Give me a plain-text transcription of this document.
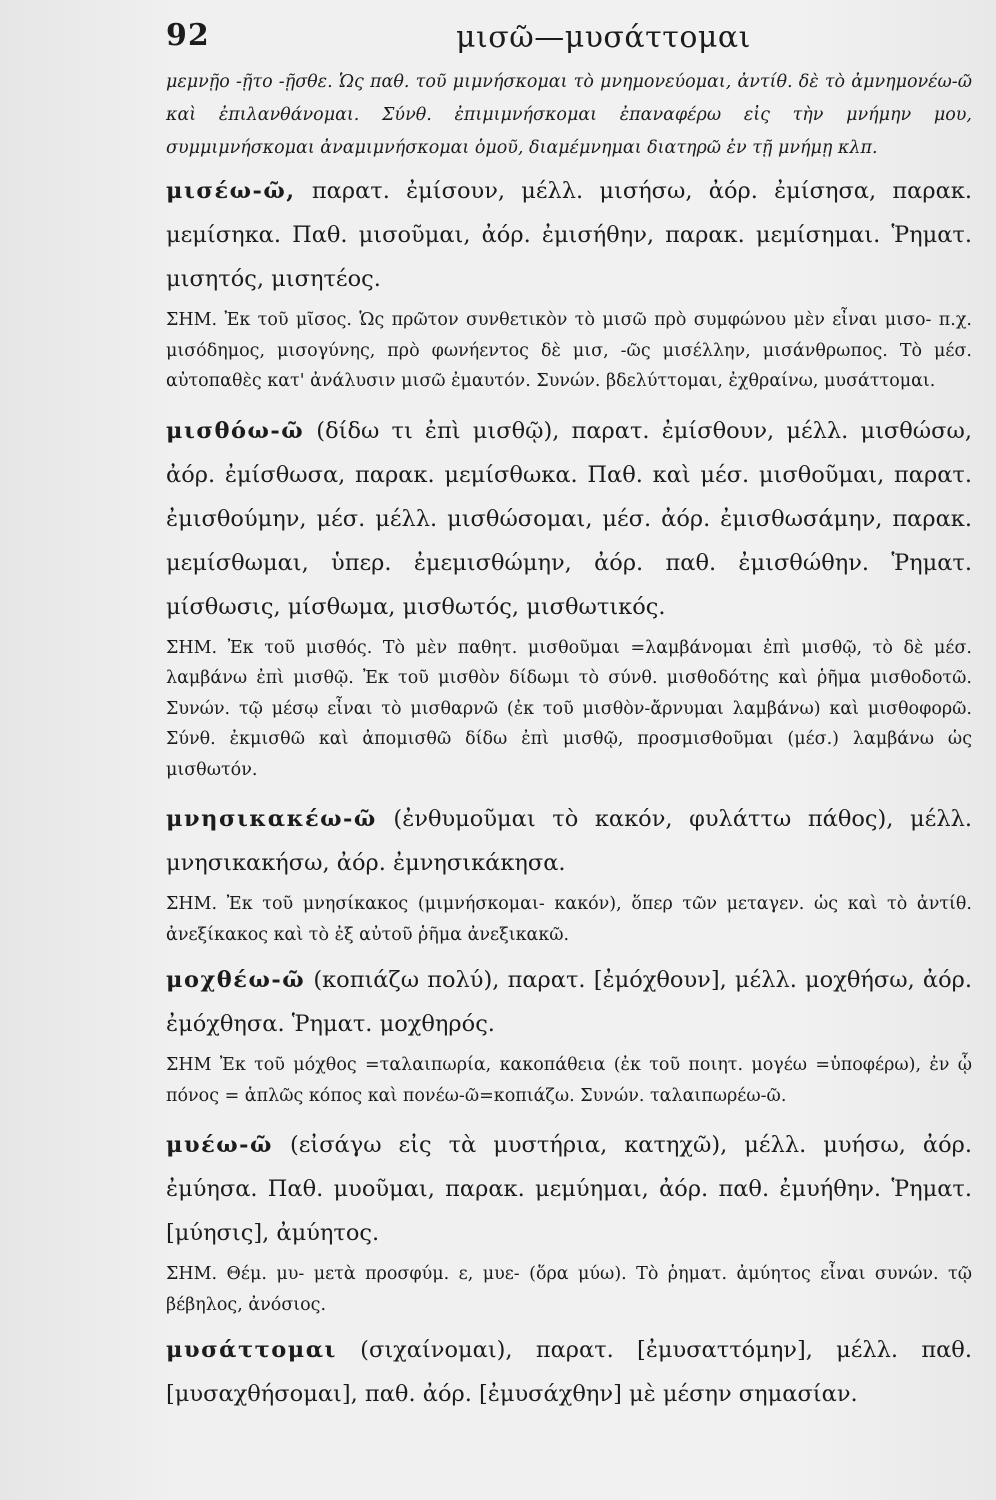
92	μισῶ—μυσάττομαι

μεμνῇο -ῇτο -ῇσθε. Ὡς παθ. τοῦ μιμνήσκομαι τὸ μνημονεύομαι, ἀντίθ. δὲ τὸ ἀμνημονέω-ῶ καὶ ἐπιλανθάνομαι. Σύνθ. ἐπιμιμνήσκομαι ἐπαναφέρω εἰς τὴν μνήμην μου, συμμιμνήσκομαι ἀναμιμνήσκομαι ὁμοῦ, διαμέμνημαι διατηρῶ ἐν τῇ μνήμῃ κλπ.

μισέω-ῶ, παρατ. ἐμίσουν, μέλλ. μισήσω, ἀόρ. ἐμίσησα, παρακ. μεμίσηκα. Παθ. μισοῦμαι, ἀόρ. ἐμισήθην, παρακ. μεμίσημαι. Ῥηματ. μισητός, μισητέος.

ΣΗΜ. Ἐκ τοῦ μῖσος. Ὡς πρῶτον συνθετικὸν τὸ μισῶ πρὸ συμφώνου μὲν εἶναι μισο- π.χ. μισόδημος, μισογύνης, πρὸ φωνήεντος δὲ μισ, -ῶς μισέλλην, μισάνθρωπος. Τὸ μέσ. αὐτοπαθὲς κατ' ἀνάλυσιν μισῶ ἐμαυτόν. Συνών. βδελύττομαι, ἐχθραίνω, μυσάττομαι.

μισθόω-ῶ (δίδω τι ἐπὶ μισθῷ), παρατ. ἐμίσθουν, μέλλ. μισθώσω, ἀόρ. ἐμίσθωσα, παρακ. μεμίσθωκα. Παθ. καὶ μέσ. μισθοῦμαι, παρατ. ἐμισθούμην, μέσ. μέλλ. μισθώσομαι, μέσ. ἀόρ. ἐμισθωσάμην, παρακ. μεμίσθωμαι, ὑπερ. ἐμεμισθώμην, ἀόρ. παθ. ἐμισθώθην. Ῥηματ. μίσθωσις, μίσθωμα, μισθωτός, μισθωτικός.

ΣΗΜ. Ἐκ τοῦ μισθός. Τὸ μὲν παθητ. μισθοῦμαι =λαμβάνομαι ἐπὶ μισθῷ, τὸ δὲ μέσ. λαμβάνω ἐπὶ μισθῷ. Ἐκ τοῦ μισθὸν δίδωμι τὸ σύνθ. μισθοδότης καὶ ῥῆμα μισθοδοτῶ. Συνών. τῷ μέσῳ εἶναι τὸ μισθαρνῶ (ἐκ τοῦ μισθὸν-ἄρνυμαι λαμβάνω) καὶ μισθοφορῶ. Σύνθ. ἐκμισθῶ καὶ ἀπομισθῶ δίδω ἐπὶ μισθῷ, προσμισθοῦμαι (μέσ.) λαμβάνω ὡς μισθωτόν.

μνησικακέω-ῶ (ἐνθυμοῦμαι τὸ κακόν, φυλάττω πάθος), μέλλ. μνησικακήσω, ἀόρ. ἐμνησικάκησα.

ΣΗΜ. Ἐκ τοῦ μνησίκακος (μιμνήσκομαι- κακόν), ὅπερ τῶν μεταγεν. ὡς καὶ τὸ ἀντίθ. ἀνεξίκακος καὶ τὸ ἐξ αὐτοῦ ῥῆμα ἀνεξικακῶ.

μοχθέω-ῶ (κοπιάζω πολύ), παρατ. [ἐμόχθουν], μέλλ. μοχθήσω, ἀόρ. ἐμόχθησα. Ῥηματ. μοχθηρός.

ΣΗΜ Ἐκ τοῦ μόχθος =ταλαιπωρία, κακοπάθεια (ἐκ τοῦ ποιητ. μογέω =ὑποφέρω), ἐν ᾧ πόνος = ἁπλῶς κόπος καὶ πονέω-ῶ=κοπιάζω. Συνών. ταλαιπωρέω-ῶ.

μυέω-ῶ (εἰσάγω εἰς τὰ μυστήρια, κατηχῶ), μέλλ. μυήσω, ἀόρ. ἐμύησα. Παθ. μυοῦμαι, παρακ. μεμύημαι, ἀόρ. παθ. ἐμυήθην. Ῥηματ. [μύησις], ἀμύητος.

ΣΗΜ. Θέμ. μυ- μετὰ προσφύμ. ε, μυε- (ὅρα μύω). Τὸ ῥηματ. ἀμύητος εἶναι συνών. τῷ βέβηλος, ἀνόσιος.

μυσάττομαι (σιχαίνομαι), παρατ. [ἐμυσαττόμην], μέλλ. παθ. [μυσαχθήσομαι], παθ. ἀόρ. [ἐμυσάχθην] μὲ μέσην σημασίαν.
